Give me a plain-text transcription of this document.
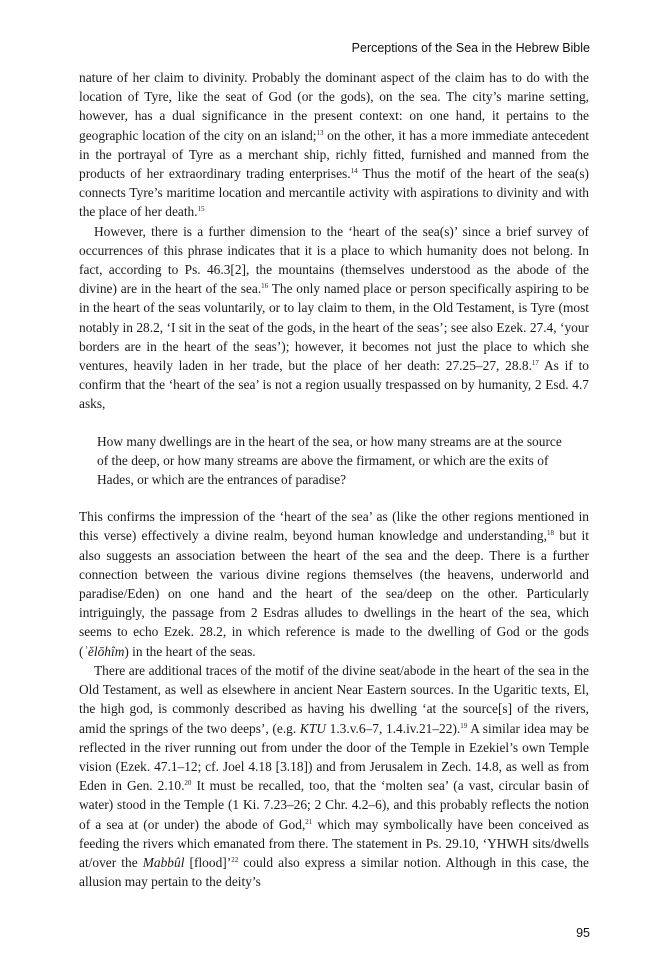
Perceptions of the Sea in the Hebrew Bible

nature of her claim to divinity. Probably the dominant aspect of the claim has to do with the location of Tyre, like the seat of God (or the gods), on the sea. The city’s marine setting, however, has a dual significance in the present context: on one hand, it pertains to the geographic location of the city on an island;$^{13}$ on the other, it has a more immediate antecedent in the portrayal of Tyre as a merchant ship, richly fitted, furnished and manned from the products of her extraordinary trading enterprises.$^{14}$ Thus the motif of the heart of the sea(s) connects Tyre’s maritime location and mercantile activity with aspirations to divinity and with the place of her death.$^{15}$

However, there is a further dimension to the ‘heart of the sea(s)’ since a brief survey of occurrences of this phrase indicates that it is a place to which humanity does not belong. In fact, according to Ps. 46.3[2], the mountains (themselves understood as the abode of the divine) are in the heart of the sea.$^{16}$ The only named place or person specifically aspiring to be in the heart of the seas voluntarily, or to lay claim to them, in the Old Testament, is Tyre (most notably in 28.2, ‘I sit in the seat of the gods, in the heart of the seas’; see also Ezek. 27.4, ‘your borders are in the heart of the seas’); however, it becomes not just the place to which she ventures, heavily laden in her trade, but the place of her death: 27.25–27, 28.8.17 As if to confirm that the ‘heart of the sea’ is not a region usually trespassed on by humanity, 2 Esd. 4.7 asks,

How many dwellings are in the heart of the sea, or how many streams are at the source of the deep, or how many streams are above the firmament, or which are the exits of Hades, or which are the entrances of paradise?

This confirms the impression of the ‘heart of the sea’ as (like the other regions mentioned in this verse) effectively a divine realm, beyond human knowledge and understanding,$^{18}$ but it also suggests an association between the heart of the sea and the deep. There is a further connection between the various divine regions themselves (the heavens, underworld and paradise/Eden) on one hand and the heart of the sea/deep on the other. Particularly intriguingly, the passage from 2 Esdras alludes to dwellings in the heart of the sea, which seems to echo Ezek. 28.2, in which reference is made to the dwelling of God or the gods (ʾĕlōhîm) in the heart of the seas.

There are additional traces of the motif of the divine seat/abode in the heart of the sea in the Old Testament, as well as elsewhere in ancient Near Eastern sources. In the Ugaritic texts, El, the high god, is commonly described as having his dwelling ‘at the source[s] of the rivers, amid the springs of the two deeps’, (e.g. KTU 1.3.v.6–7, 1.4.iv.21–22).$^{19}$ A similar idea may be reflected in the river running out from under the door of the Temple in Ezekiel’s own Temple vision (Ezek. 47.1–12; cf. Joel 4.18 [3.18]) and from Jerusalem in Zech. 14.8, as well as from Eden in Gen. 2.10.20 It must be recalled, too, that the ‘molten sea’ (a vast, circular basin of water) stood in the Temple (1 Ki. 7.23–26; 2 Chr. 4.2–6), and this probably reflects the notion of a sea at (or under) the abode of God,$^{21}$ which may symbolically have been conceived as feeding the rivers which emanated from there. The statement in Ps. 29.10, ‘YHWH sits/dwells at/over the Mabbûl [flood]’$^{22}$ could also express a similar notion. Although in this case, the allusion may pertain to the deity’s

95
